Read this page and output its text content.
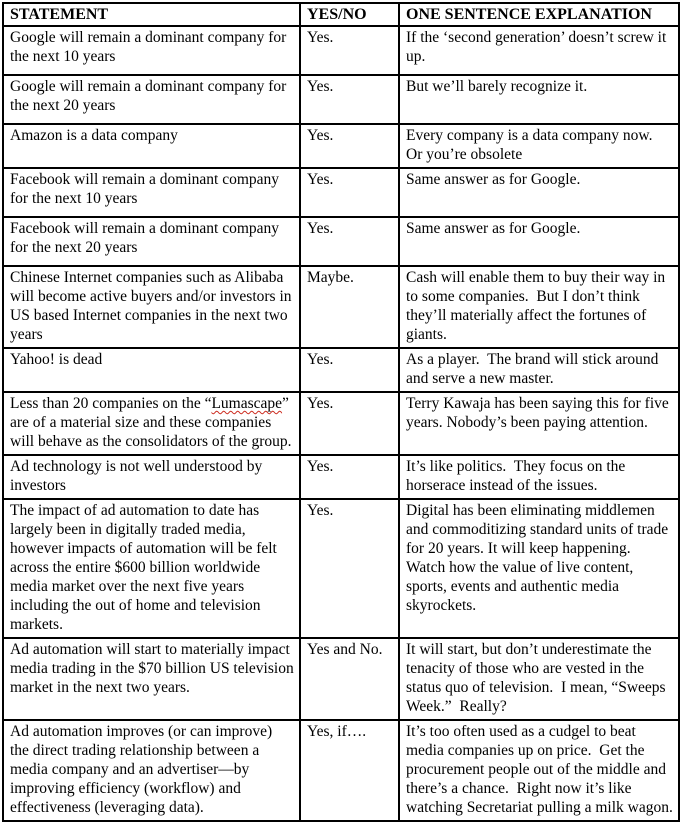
STATEMENT	YES/NO	ONE SENTENCE EXPLANATION
Google will remain a dominant company for the next 10 years	Yes.	If the ‘second generation’ doesn’t screw it up.
Google will remain a dominant company for the next 20 years	Yes.	But we’ll barely recognize it.
Amazon is a data company	Yes.	Every company is a data company now.  Or you’re obsolete
Facebook will remain a dominant company for the next 10 years	Yes.	Same answer as for Google.
Facebook will remain a dominant company for the next 20 years	Yes.	Same answer as for Google.
Chinese Internet companies such as Alibaba will become active buyers and/or investors in US based Internet companies in the next two years	Maybe.	Cash will enable them to buy their way in to some companies.  But I don’t think they’ll materially affect the fortunes of giants.
Yahoo! is dead	Yes.	As a player.  The brand will stick around and serve a new master.
Less than 20 companies on the “Lumascape” are of a material size and these companies will behave as the consolidators of the group.	Yes.	Terry Kawaja has been saying this for five years. Nobody’s been paying attention.
Ad technology is not well understood by investors	Yes.	It’s like politics.  They focus on the horserace instead of the issues.
The impact of ad automation to date has largely been in digitally traded media, however impacts of automation will be felt across the entire $600 billion worldwide media market over the next five years including the out of home and television markets.	Yes.	Digital has been eliminating middlemen and commoditizing standard units of trade for 20 years. It will keep happening.  Watch how the value of live content, sports, events and authentic media skyrockets.
Ad automation will start to materially impact media trading in the $70 billion US television market in the next two years.	Yes and No.	It will start, but don’t underestimate the tenacity of those who are vested in the status quo of television.  I mean, “Sweeps Week.”  Really?
Ad automation improves (or can improve) the direct trading relationship between a media company and an advertiser—by improving efficiency (workflow) and effectiveness (leveraging data).	Yes, if….	It’s too often used as a cudgel to beat media companies up on price.  Get the procurement people out of the middle and there’s a chance.  Right now it’s like watching Secretariat pulling a milk wagon.
